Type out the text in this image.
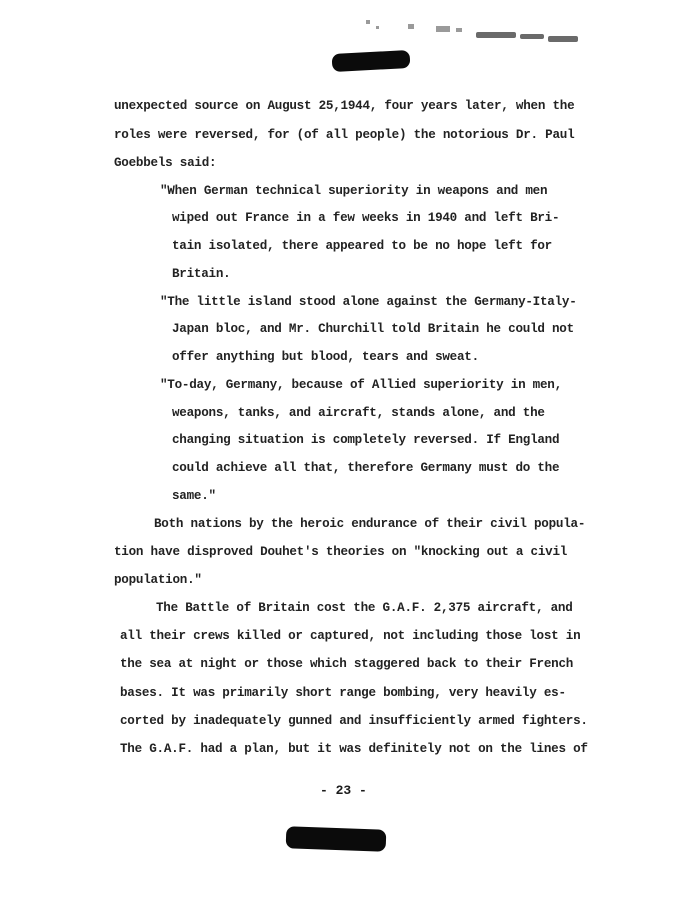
unexpected source on August 25,1944, four years later, when the
roles were reversed, for (of all people) the notorious Dr. Paul
Goebbels said:
"When German technical superiority in weapons and men
wiped out France in a few weeks in 1940 and left Bri-
tain isolated, there appeared to be no hope left for
Britain.
"The little island stood alone against the Germany-Italy-
Japan bloc, and Mr. Churchill told Britain he could not
offer anything but blood, tears and sweat.
"To-day, Germany, because of Allied superiority in men,
weapons, tanks, and aircraft, stands alone, and the
changing situation is completely reversed. If England
could achieve all that, therefore Germany must do the
same."
Both nations by the heroic endurance of their civil popula-
tion have disproved Douhet's theories on "knocking out a civil
population."
The Battle of Britain cost the G.A.F. 2,375 aircraft, and
all their crews killed or captured, not including those lost in
the sea at night or those which staggered back to their French
bases. It was primarily short range bombing, very heavily es-
corted by inadequately gunned and insufficiently armed fighters.
The G.A.F. had a plan, but it was definitely not on the lines of
- 23 -
